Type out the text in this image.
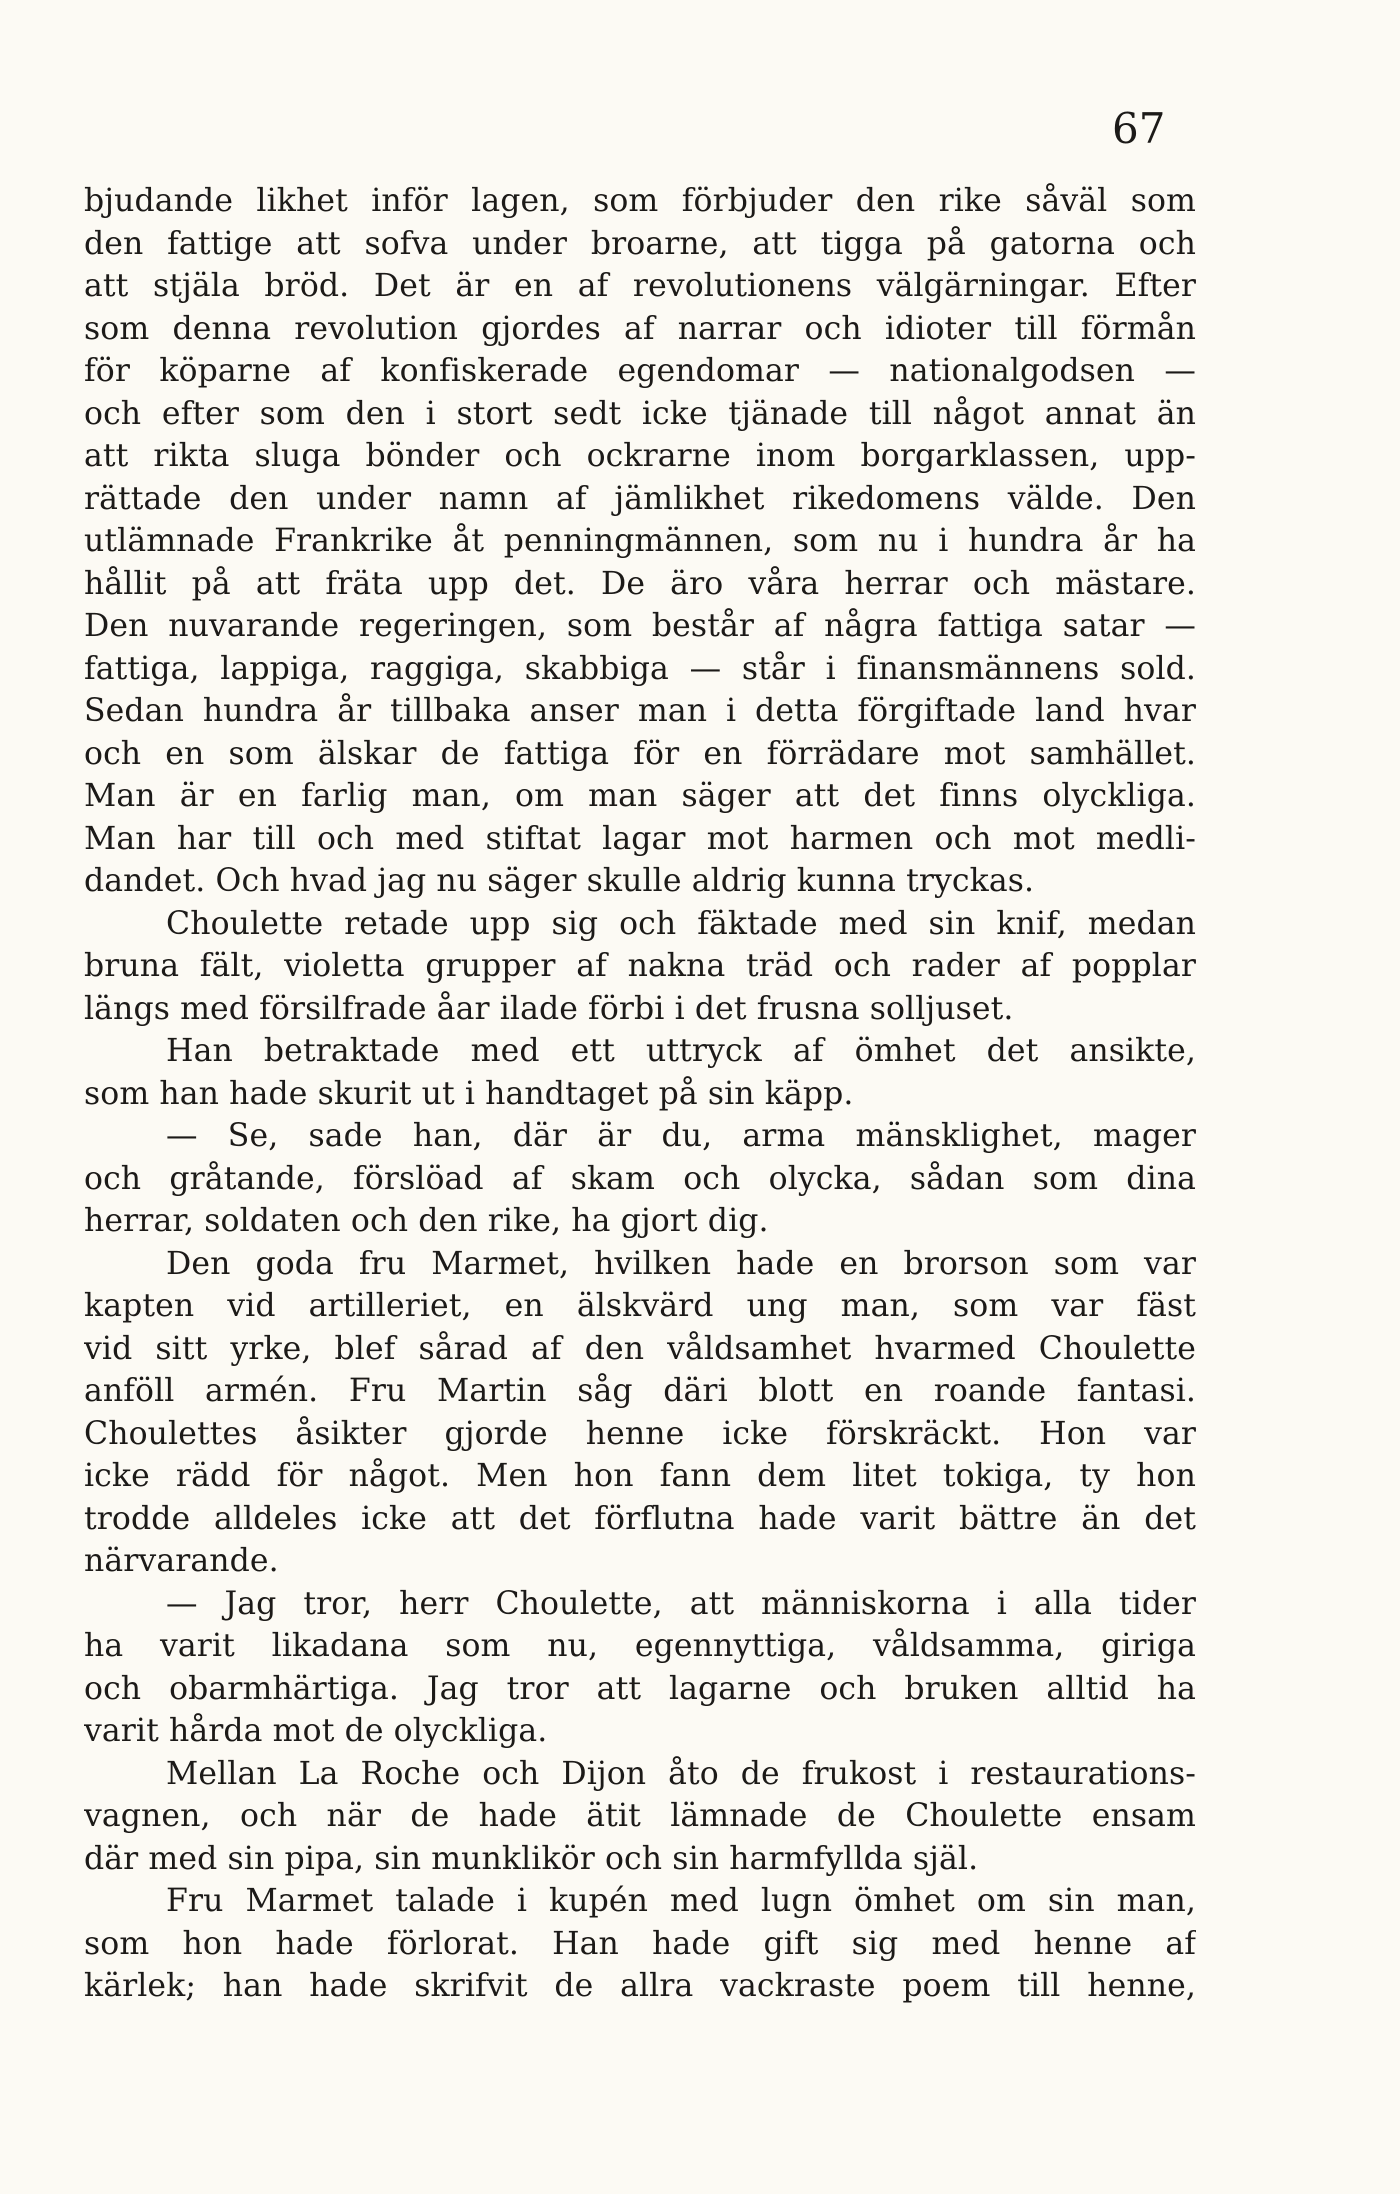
67
bjudande likhet inför lagen, som förbjuder den rike såväl som
den fattige att sofva under broarne, att tigga på gatorna och
att stjäla bröd. Det är en af revolutionens välgärningar. Efter
som denna revolution gjordes af narrar och idioter till förmån
för köparne af konfiskerade egendomar — nationalgodsen —
och efter som den i stort sedt icke tjänade till något annat än
att rikta sluga bönder och ockrarne inom borgarklassen, upp-
rättade den under namn af jämlikhet rikedomens välde. Den
utlämnade Frankrike åt penningmännen, som nu i hundra år ha
hållit på att fräta upp det. De äro våra herrar och mästare.
Den nuvarande regeringen, som består af några fattiga satar —
fattiga, lappiga, raggiga, skabbiga — står i finansmännens sold.
Sedan hundra år tillbaka anser man i detta förgiftade land hvar
och en som älskar de fattiga för en förrädare mot samhället.
Man är en farlig man, om man säger att det finns olyckliga.
Man har till och med stiftat lagar mot harmen och mot medli-
dandet. Och hvad jag nu säger skulle aldrig kunna tryckas.
Choulette retade upp sig och fäktade med sin knif, medan
bruna fält, violetta grupper af nakna träd och rader af popplar
längs med försilfrade åar ilade förbi i det frusna solljuset.
Han betraktade med ett uttryck af ömhet det ansikte,
som han hade skurit ut i handtaget på sin käpp.
— Se, sade han, där är du, arma mänsklighet, mager
och gråtande, förslöad af skam och olycka, sådan som dina
herrar, soldaten och den rike, ha gjort dig.
Den goda fru Marmet, hvilken hade en brorson som var
kapten vid artilleriet, en älskvärd ung man, som var fäst
vid sitt yrke, blef sårad af den våldsamhet hvarmed Choulette
anföll armén. Fru Martin såg däri blott en roande fantasi.
Choulettes åsikter gjorde henne icke förskräckt. Hon var
icke rädd för något. Men hon fann dem litet tokiga, ty hon
trodde alldeles icke att det förflutna hade varit bättre än det
närvarande.
— Jag tror, herr Choulette, att människorna i alla tider
ha varit likadana som nu, egennyttiga, våldsamma, giriga
och obarmhärtiga. Jag tror att lagarne och bruken alltid ha
varit hårda mot de olyckliga.
Mellan La Roche och Dijon åto de frukost i restaurations-
vagnen, och när de hade ätit lämnade de Choulette ensam
där med sin pipa, sin munklikör och sin harmfyllda själ.
Fru Marmet talade i kupén med lugn ömhet om sin man,
som hon hade förlorat. Han hade gift sig med henne af
kärlek; han hade skrifvit de allra vackraste poem till henne,
